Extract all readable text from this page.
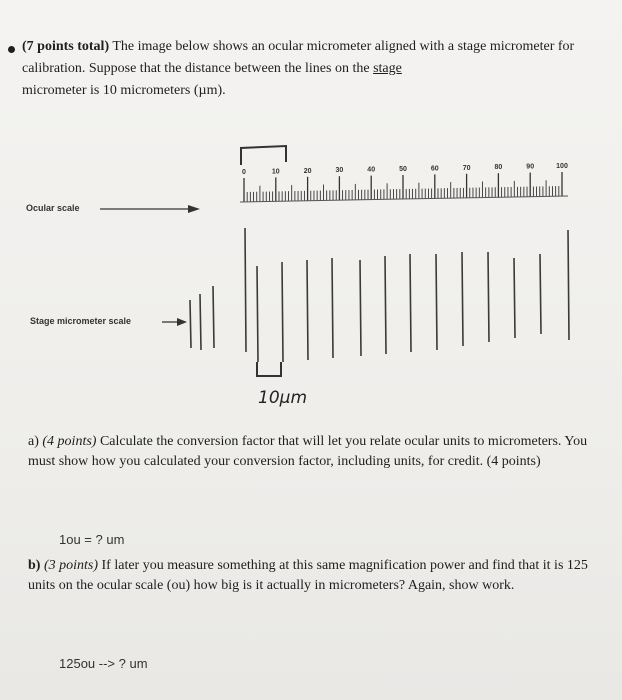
(7 points total) The image below shows an ocular micrometer aligned with a stage micrometer for calibration. Suppose that the distance between the lines on the stage
micrometer is 10 micrometers (µm).
0	10	20	30	40	50	60	70	80	90	100
Ocular scale
Stage micrometer scale
10µm
a) (4 points) Calculate the conversion factor that will let you relate ocular units to micrometers. You must show how you calculated your conversion factor, including units, for credit. (4 points)
1ou = ? um
b) (3 points) If later you measure something at this same magnification power and find that it is 125 units on the ocular scale (ou) how big is it actually in micrometers? Again, show work.
125ou --> ? um
